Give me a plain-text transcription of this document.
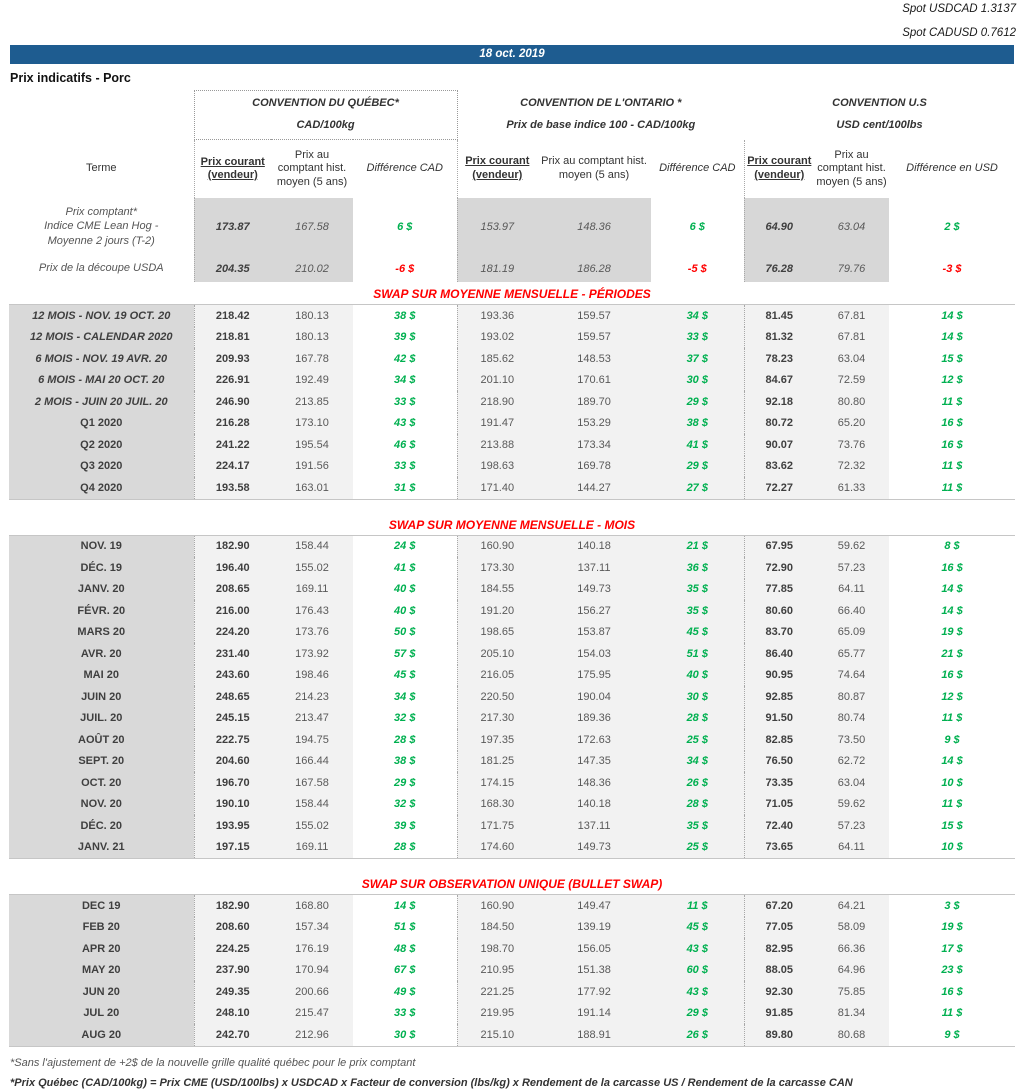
Spot USDCAD 1.3137
Spot CADUSD 0.7612
18 oct. 2019
Prix indicatifs - Porc

CONVENTION DU QUÉBEC*
CAD/100kg

CONVENTION DE L'ONTARIO *
Prix de base indice 100 - CAD/100kg

CONVENTION U.S
USD cent/100lbs

Terme	Prix courant (vendeur)	Prix au comptant hist. moyen (5 ans)	Différence CAD	Prix courant (vendeur)	Prix au comptant hist. moyen (5 ans)	Différence CAD	Prix courant (vendeur)	Prix au comptant hist. moyen (5 ans)	Différence en USD

Prix comptant*
Indice CME Lean Hog -
Moyenne 2 jours (T-2)	173.87	167.58	6 $	153.97	148.36	6 $	64.90	63.04	2 $

Prix de la découpe USDA	204.35	210.02	-6 $	181.19	186.28	-5 $	76.28	79.76	-3 $
SWAP SUR MOYENNE MENSUELLE - PÉRIODES									
12 MOIS - NOV. 19 OCT. 20	218.42	180.13	38 $	193.36	159.57	34 $	81.45	67.81	14 $
12 MOIS - CALENDAR 2020	218.81	180.13	39 $	193.02	159.57	33 $	81.32	67.81	14 $
6 MOIS - NOV. 19 AVR. 20	209.93	167.78	42 $	185.62	148.53	37 $	78.23	63.04	15 $
6 MOIS - MAI 20 OCT. 20	226.91	192.49	34 $	201.10	170.61	30 $	84.67	72.59	12 $
2 MOIS - JUIN 20 JUIL. 20	246.90	213.85	33 $	218.90	189.70	29 $	92.18	80.80	11 $
Q1 2020	216.28	173.10	43 $	191.47	153.29	38 $	80.72	65.20	16 $
Q2 2020	241.22	195.54	46 $	213.88	173.34	41 $	90.07	73.76	16 $
Q3 2020	224.17	191.56	33 $	198.63	169.78	29 $	83.62	72.32	11 $
Q4 2020	193.58	163.01	31 $	171.40	144.27	27 $	72.27	61.33	11 $
SWAP SUR MOYENNE MENSUELLE - MOIS									
NOV. 19	182.90	158.44	24 $	160.90	140.18	21 $	67.95	59.62	8 $
DÉC. 19	196.40	155.02	41 $	173.30	137.11	36 $	72.90	57.23	16 $
JANV. 20	208.65	169.11	40 $	184.55	149.73	35 $	77.85	64.11	14 $
FÉVR. 20	216.00	176.43	40 $	191.20	156.27	35 $	80.60	66.40	14 $
MARS 20	224.20	173.76	50 $	198.65	153.87	45 $	83.70	65.09	19 $
AVR. 20	231.40	173.92	57 $	205.10	154.03	51 $	86.40	65.77	21 $
MAI 20	243.60	198.46	45 $	216.05	175.95	40 $	90.95	74.64	16 $
JUIN 20	248.65	214.23	34 $	220.50	190.04	30 $	92.85	80.87	12 $
JUIL. 20	245.15	213.47	32 $	217.30	189.36	28 $	91.50	80.74	11 $
AOÛT 20	222.75	194.75	28 $	197.35	172.63	25 $	82.85	73.50	9 $
SEPT. 20	204.60	166.44	38 $	181.25	147.35	34 $	76.50	62.72	14 $
OCT. 20	196.70	167.58	29 $	174.15	148.36	26 $	73.35	63.04	10 $
NOV. 20	190.10	158.44	32 $	168.30	140.18	28 $	71.05	59.62	11 $
DÉC. 20	193.95	155.02	39 $	171.75	137.11	35 $	72.40	57.23	15 $
JANV. 21	197.15	169.11	28 $	174.60	149.73	25 $	73.65	64.11	10 $
SWAP SUR OBSERVATION UNIQUE (BULLET SWAP)									
DEC 19	182.90	168.80	14 $	160.90	149.47	11 $	67.20	64.21	3 $
FEB 20	208.60	157.34	51 $	184.50	139.19	45 $	77.05	58.09	19 $
APR 20	224.25	176.19	48 $	198.70	156.05	43 $	82.95	66.36	17 $
MAY 20	237.90	170.94	67 $	210.95	151.38	60 $	88.05	64.96	23 $
JUN 20	249.35	200.66	49 $	221.25	177.92	43 $	92.30	75.85	16 $
JUL 20	248.10	215.47	33 $	219.95	191.14	29 $	91.85	81.34	11 $
AUG 20	242.70	212.96	30 $	215.10	188.91	26 $	89.80	80.68	9 $
*Sans l'ajustement de +2$ de la nouvelle grille qualité québec pour le prix comptant
*Prix Québec (CAD/100kg) = Prix CME (USD/100lbs) x USDCAD x Facteur de conversion (lbs/kg) x Rendement de la carcasse US / Rendement de la carcasse CAN
